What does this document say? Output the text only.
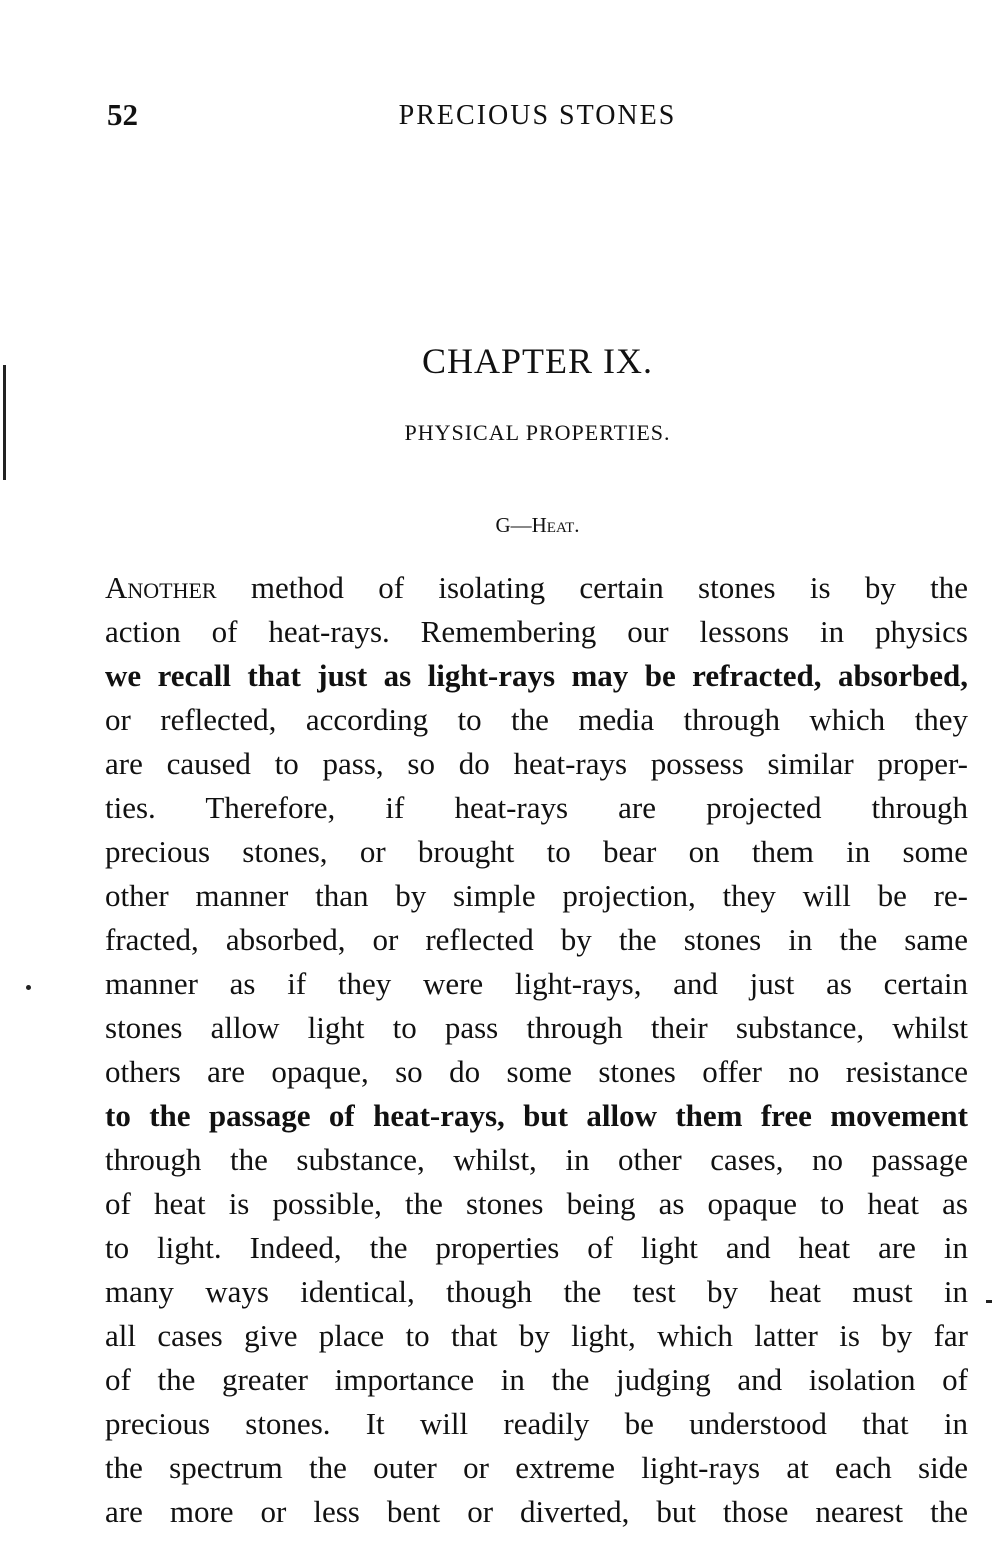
52	PRECIOUS STONES
CHAPTER IX.
PHYSICAL PROPERTIES.
G—Heat.
Another method of isolating certain stones is by the
action of heat-rays. Remembering our lessons in physics
we recall that just as light-rays may be refracted, absorbed,
or reflected, according to the media through which they
are caused to pass, so do heat-rays possess similar proper-
ties. Therefore, if heat-rays are projected through
precious stones, or brought to bear on them in some
other manner than by simple projection, they will be re-
fracted, absorbed, or reflected by the stones in the same
manner as if they were light-rays, and just as certain
stones allow light to pass through their substance, whilst
others are opaque, so do some stones offer no resistance
to the passage of heat-rays, but allow them free movement
through the substance, whilst, in other cases, no passage
of heat is possible, the stones being as opaque to heat as
to light. Indeed, the properties of light and heat are in
many ways identical, though the test by heat must in
all cases give place to that by light, which latter is by far
of the greater importance in the judging and isolation of
precious stones. It will readily be understood that in
the spectrum the outer or extreme light-rays at each side
are more or less bent or diverted, but those nearest the
